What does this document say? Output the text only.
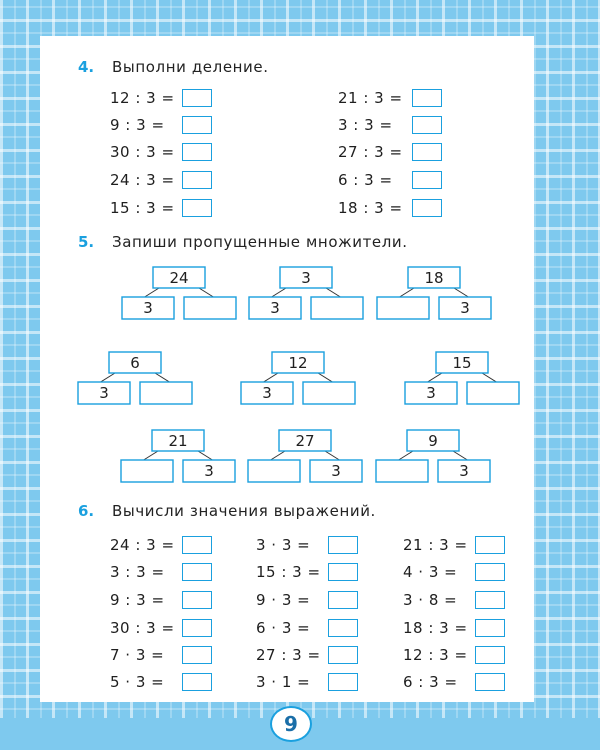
4. Выполни деление.
12 : 3 =
9 : 3 =
30 : 3 =
24 : 3 =
15 : 3 =
21 : 3 =
3 : 3 =
27 : 3 =
6 : 3 =
18 : 3 =
5. Запиши пропущенные множители.
24
3
3
3
18
3
6
3
12
3
15
3
21
3
27
3
9
3
6. Вычисли значения выражений.
24 : 3 =
3 : 3 =
9 : 3 =
30 : 3 =
7 · 3 =
5 · 3 =
3 · 3 =
15 : 3 =
9 · 3 =
6 · 3 =
27 : 3 =
3 · 1 =
21 : 3 =
4 · 3 =
3 · 8 =
18 : 3 =
12 : 3 =
6 : 3 =
9
